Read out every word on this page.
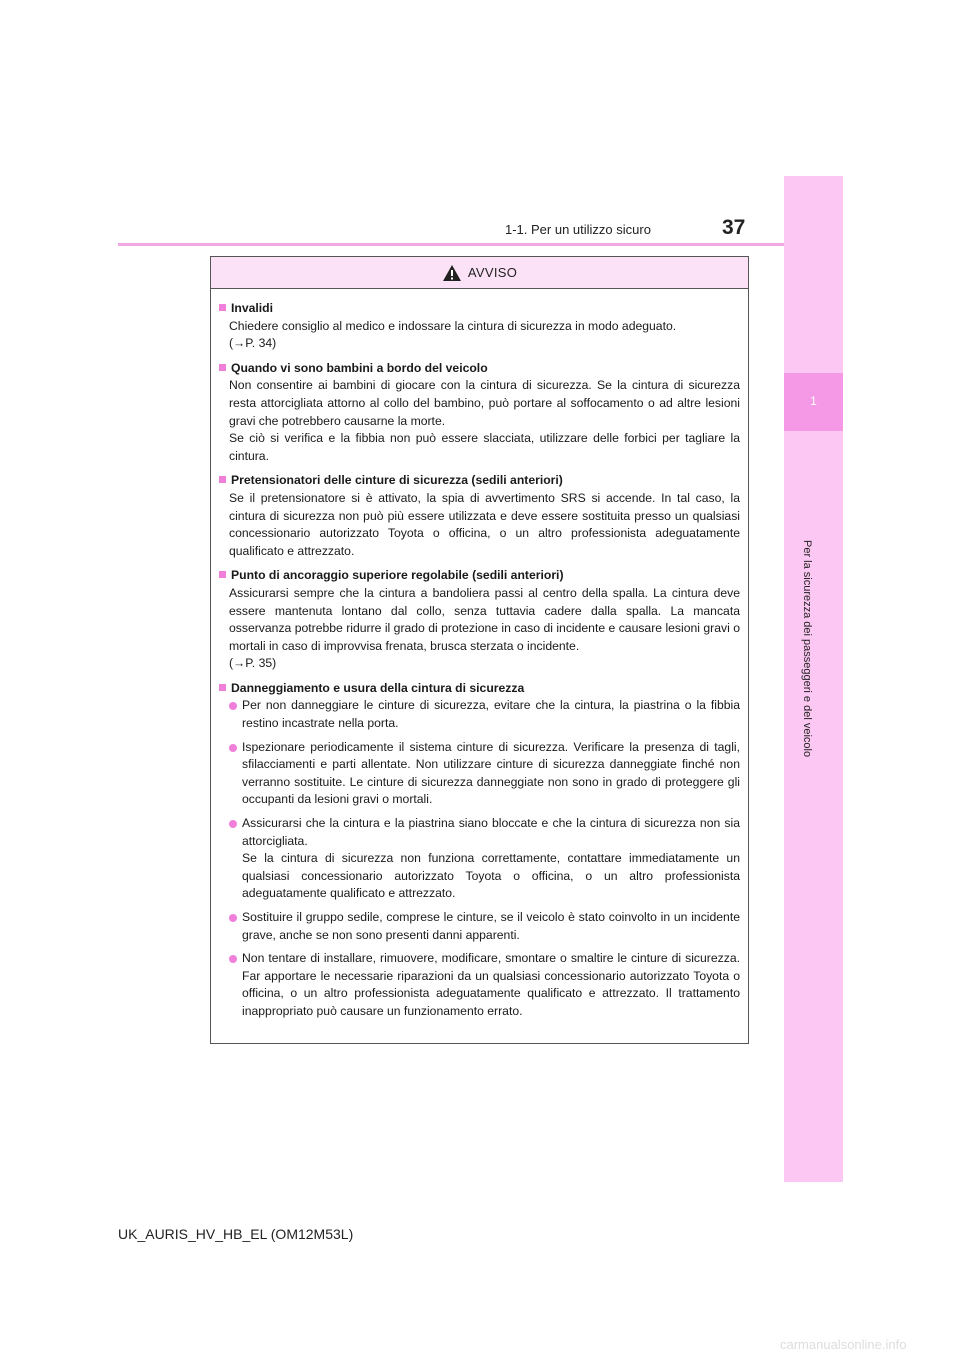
1-1. Per un utilizzo sicuro	37
1
Per la sicurezza dei passeggeri e del veicolo
AVVISO
Invalidi
Chiedere consiglio al medico e indossare la cintura di sicurezza in modo adeguato.
(→P. 34)
Quando vi sono bambini a bordo del veicolo
Non consentire ai bambini di giocare con la cintura di sicurezza. Se la cintura di sicurezza resta attorcigliata attorno al collo del bambino, può portare al soffocamento o ad altre lesioni gravi che potrebbero causarne la morte.
Se ciò si verifica e la fibbia non può essere slacciata, utilizzare delle forbici per tagliare la cintura.
Pretensionatori delle cinture di sicurezza (sedili anteriori)
Se il pretensionatore si è attivato, la spia di avvertimento SRS si accende. In tal caso, la cintura di sicurezza non può più essere utilizzata e deve essere sostituita presso un qualsiasi concessionario autorizzato Toyota o officina, o un altro professionista adeguatamente qualificato e attrezzato.
Punto di ancoraggio superiore regolabile (sedili anteriori)
Assicurarsi sempre che la cintura a bandoliera passi al centro della spalla. La cintura deve essere mantenuta lontano dal collo, senza tuttavia cadere dalla spalla. La mancata osservanza potrebbe ridurre il grado di protezione in caso di incidente e causare lesioni gravi o mortali in caso di improvvisa frenata, brusca sterzata o incidente.
(→P. 35)
Danneggiamento e usura della cintura di sicurezza
Per non danneggiare le cinture di sicurezza, evitare che la cintura, la piastrina o la fibbia restino incastrate nella porta.
Ispezionare periodicamente il sistema cinture di sicurezza. Verificare la presenza di tagli, sfilacciamenti e parti allentate. Non utilizzare cinture di sicurezza danneggiate finché non verranno sostituite. Le cinture di sicurezza danneggiate non sono in grado di proteggere gli occupanti da lesioni gravi o mortali.
Assicurarsi che la cintura e la piastrina siano bloccate e che la cintura di sicurezza non sia attorcigliata.
Se la cintura di sicurezza non funziona correttamente, contattare immediatamente un qualsiasi concessionario autorizzato Toyota o officina, o un altro professionista adeguatamente qualificato e attrezzato.
Sostituire il gruppo sedile, comprese le cinture, se il veicolo è stato coinvolto in un incidente grave, anche se non sono presenti danni apparenti.
Non tentare di installare, rimuovere, modificare, smontare o smaltire le cinture di sicurezza. Far apportare le necessarie riparazioni da un qualsiasi concessionario autorizzato Toyota o officina, o un altro professionista adeguatamente qualificato e attrezzato. Il trattamento inappropriato può causare un funzionamento errato.
UK_AURIS_HV_HB_EL (OM12M53L)
carmanualsonline.info
